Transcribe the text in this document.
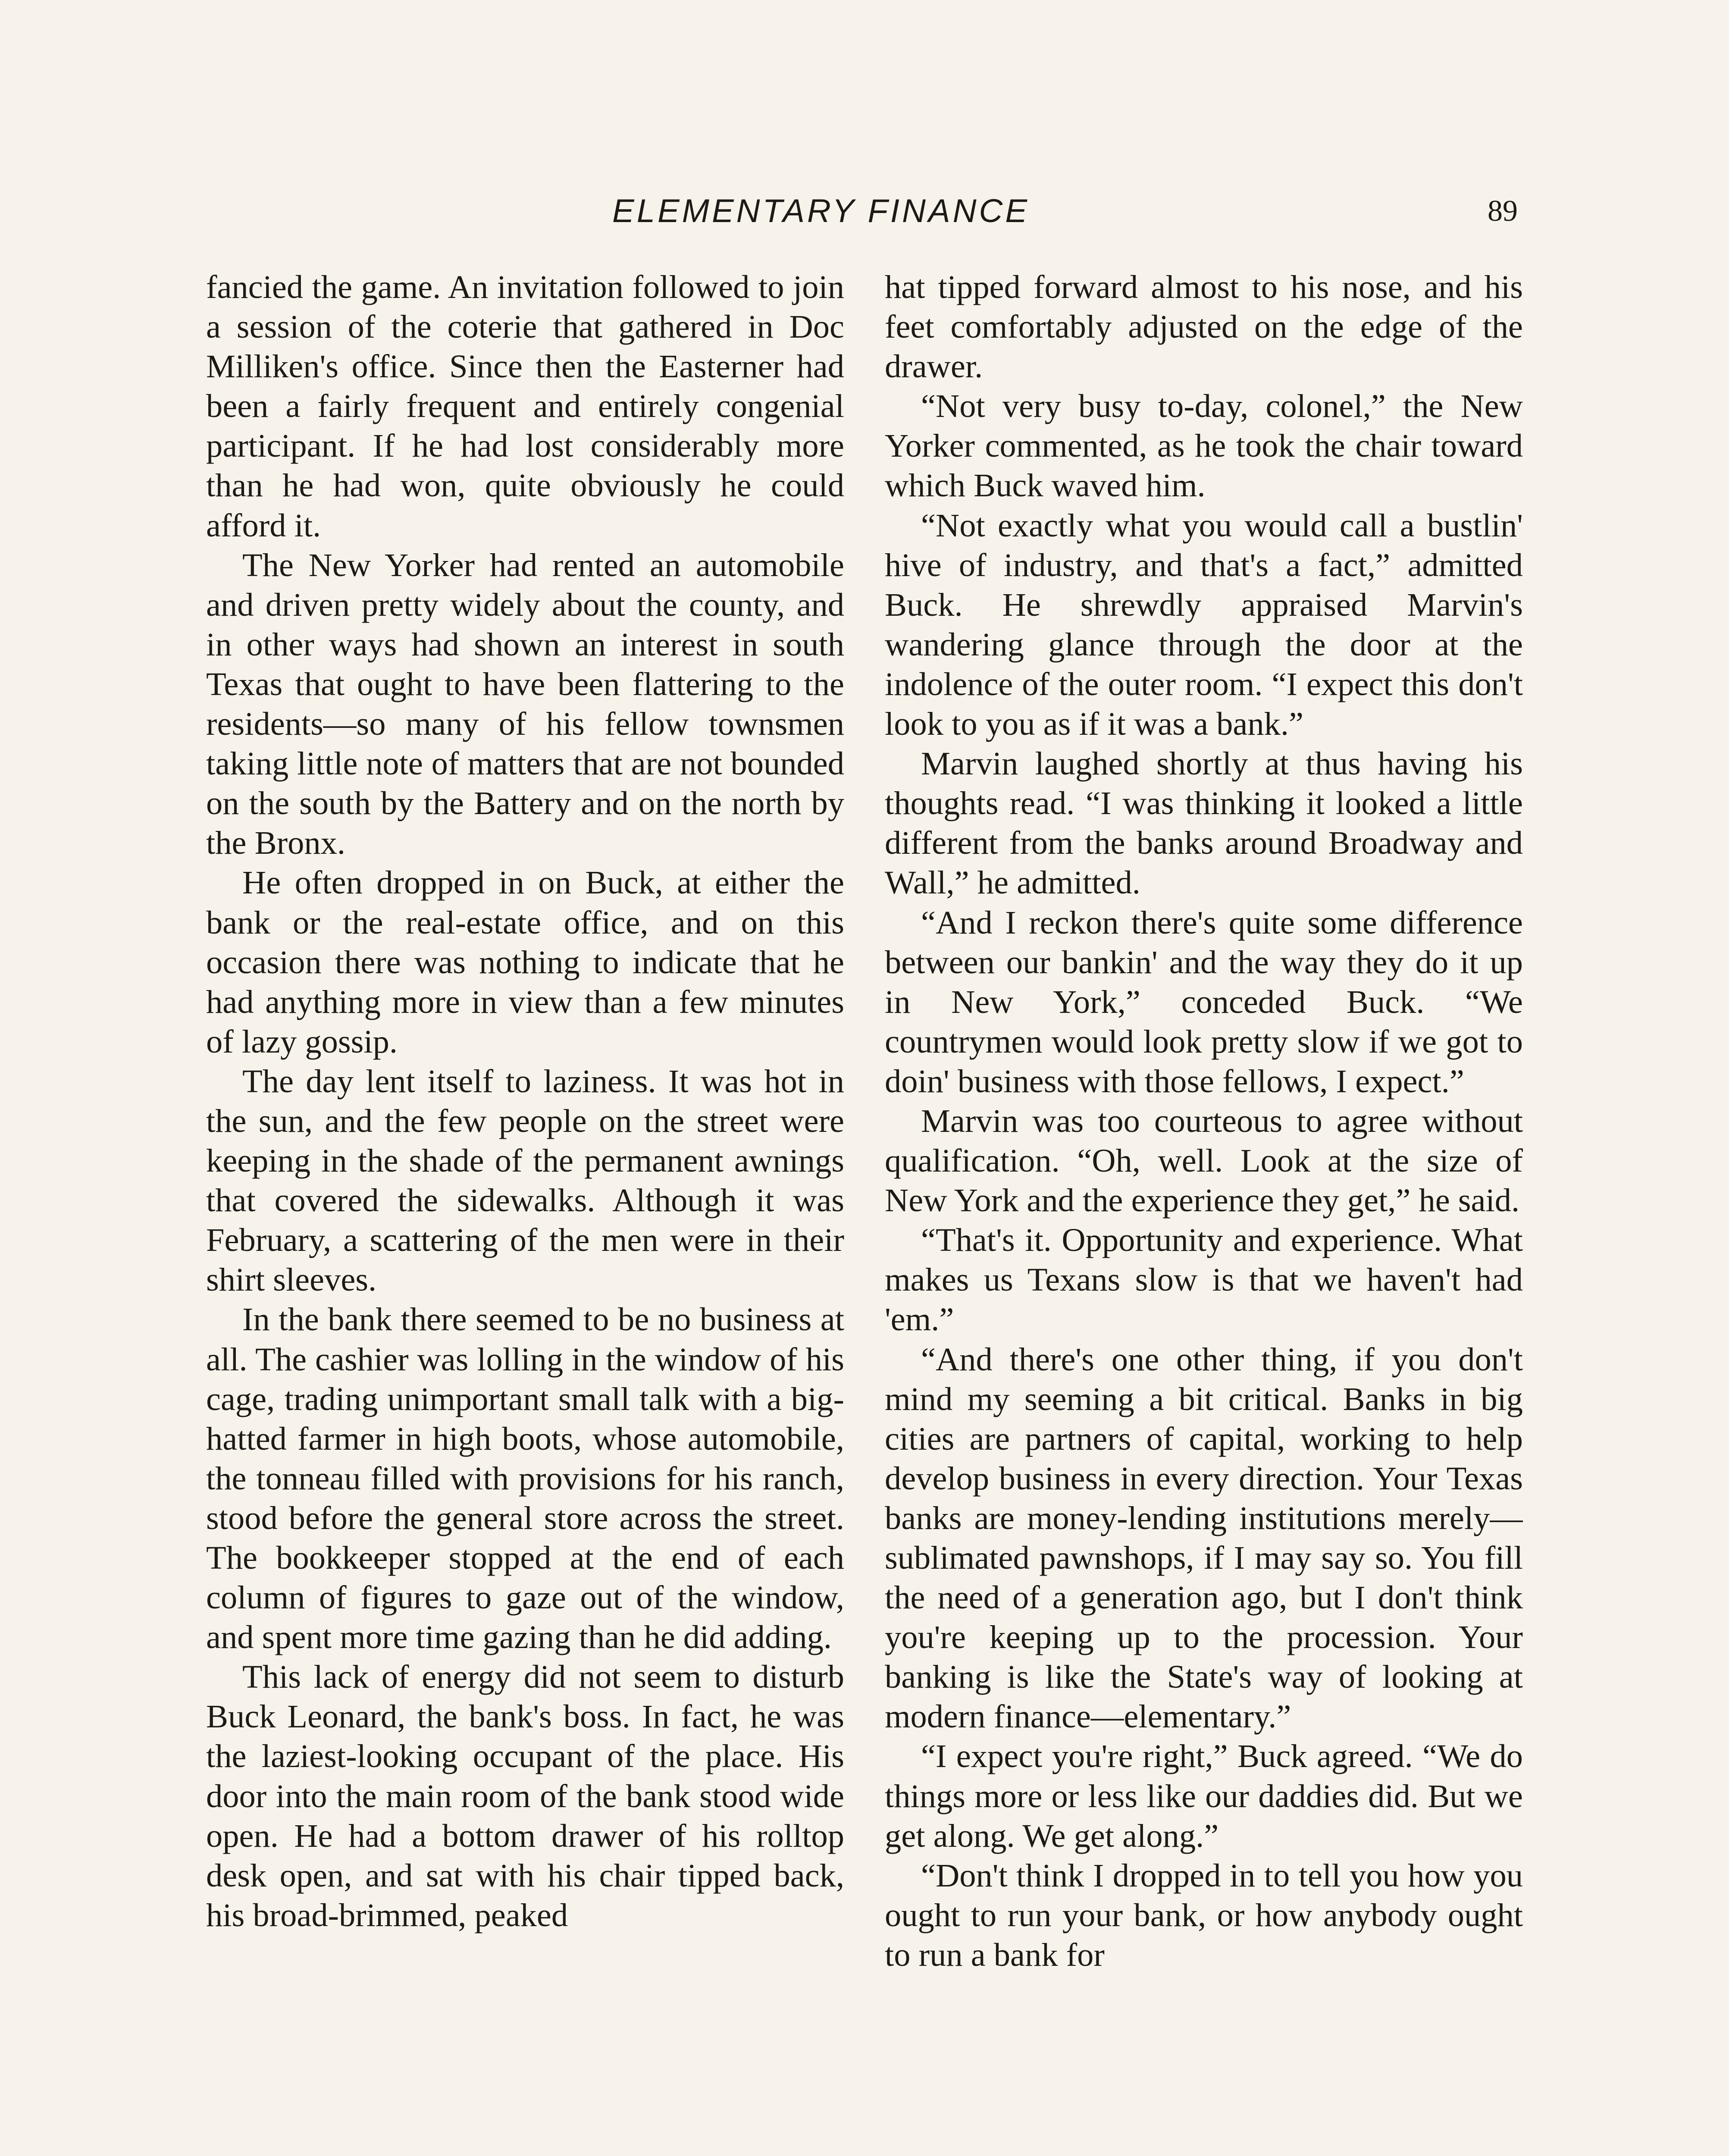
ELEMENTARY FINANCE	89

fancied the game. An invitation followed to join a session of the coterie that gathered in Doc Milliken's office. Since then the Easterner had been a fairly frequent and entirely congenial participant. If he had lost considerably more than he had won, quite obviously he could afford it.

The New Yorker had rented an automobile and driven pretty widely about the county, and in other ways had shown an interest in south Texas that ought to have been flattering to the residents—so many of his fellow townsmen taking little note of matters that are not bounded on the south by the Battery and on the north by the Bronx.

He often dropped in on Buck, at either the bank or the real-estate office, and on this occasion there was nothing to indicate that he had anything more in view than a few minutes of lazy gossip.

The day lent itself to laziness. It was hot in the sun, and the few people on the street were keeping in the shade of the permanent awnings that covered the sidewalks. Although it was February, a scattering of the men were in their shirt sleeves.

In the bank there seemed to be no business at all. The cashier was lolling in the window of his cage, trading unimportant small talk with a big-hatted farmer in high boots, whose automobile, the tonneau filled with provisions for his ranch, stood before the general store across the street. The bookkeeper stopped at the end of each column of figures to gaze out of the window, and spent more time gazing than he did adding.

This lack of energy did not seem to disturb Buck Leonard, the bank's boss. In fact, he was the laziest-looking occupant of the place. His door into the main room of the bank stood wide open. He had a bottom drawer of his rolltop desk open, and sat with his chair tipped back, his broad-brimmed, peaked

hat tipped forward almost to his nose, and his feet comfortably adjusted on the edge of the drawer.

“Not very busy to-day, colonel,” the New Yorker commented, as he took the chair toward which Buck waved him.

“Not exactly what you would call a bustlin' hive of industry, and that's a fact,” admitted Buck. He shrewdly appraised Marvin's wandering glance through the door at the indolence of the outer room. “I expect this don't look to you as if it was a bank.”

Marvin laughed shortly at thus having his thoughts read. “I was thinking it looked a little different from the banks around Broadway and Wall,” he admitted.

“And I reckon there's quite some difference between our bankin' and the way they do it up in New York,” conceded Buck. “We countrymen would look pretty slow if we got to doin' business with those fellows, I expect.”

Marvin was too courteous to agree without qualification. “Oh, well. Look at the size of New York and the experience they get,” he said.

“That's it. Opportunity and experience. What makes us Texans slow is that we haven't had 'em.”

“And there's one other thing, if you don't mind my seeming a bit critical. Banks in big cities are partners of capital, working to help develop business in every direction. Your Texas banks are money-lending institutions merely—sublimated pawnshops, if I may say so. You fill the need of a generation ago, but I don't think you're keeping up to the procession. Your banking is like the State's way of looking at modern finance—elementary.”

“I expect you're right,” Buck agreed. “We do things more or less like our daddies did. But we get along. We get along.”

“Don't think I dropped in to tell you how you ought to run your bank, or how anybody ought to run a bank for
